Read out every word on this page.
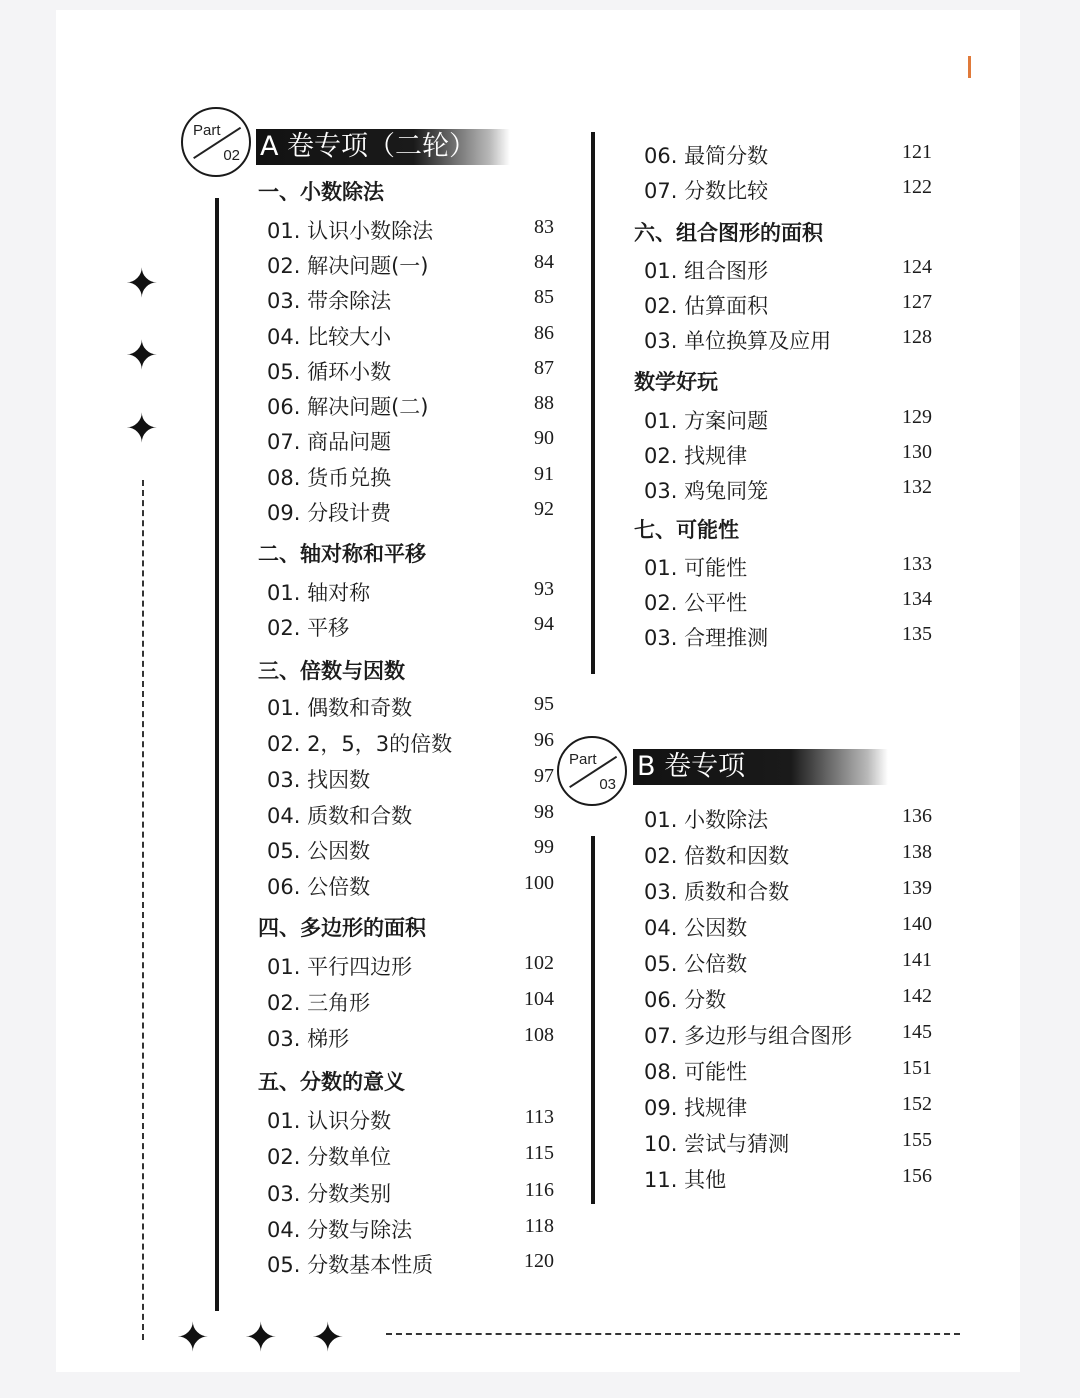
Part
02 A 卷专项（二轮）
Part
03
B 卷专项
✦
✦
✦
✦ ✦ ✦
一、小数除法
01. 认识小数除法	83
02. 解决问题(一)	84
03. 带余除法	85
04. 比较大小	86
05. 循环小数	87
06. 解决问题(二)	88
07. 商品问题	90
08. 货币兑换	91
09. 分段计费	92
二、轴对称和平移
01. 轴对称	93
02. 平移	94
三、倍数与因数
01. 偶数和奇数	95
02. 2，5，3的倍数	96
03. 找因数	97
04. 质数和合数	98
05. 公因数	99
06. 公倍数	100
四、多边形的面积
01. 平行四边形	102
02. 三角形	104
03. 梯形	108
五、分数的意义
01. 认识分数	113
02. 分数单位	115
03. 分数类别	116
04. 分数与除法	118
05. 分数基本性质	120
06. 最简分数	121
07. 分数比较	122
六、组合图形的面积
01. 组合图形	124
02. 估算面积	127
03. 单位换算及应用	128
数学好玩
01. 方案问题	129
02. 找规律	130
03. 鸡兔同笼	132
七、可能性
01. 可能性	133
02. 公平性	134
03. 合理推测	135
01. 小数除法	136
02. 倍数和因数	138
03. 质数和合数	139
04. 公因数	140
05. 公倍数	141
06. 分数	142
07. 多边形与组合图形	145
08. 可能性	151
09. 找规律	152
10. 尝试与猜测	155
11. 其他	156
